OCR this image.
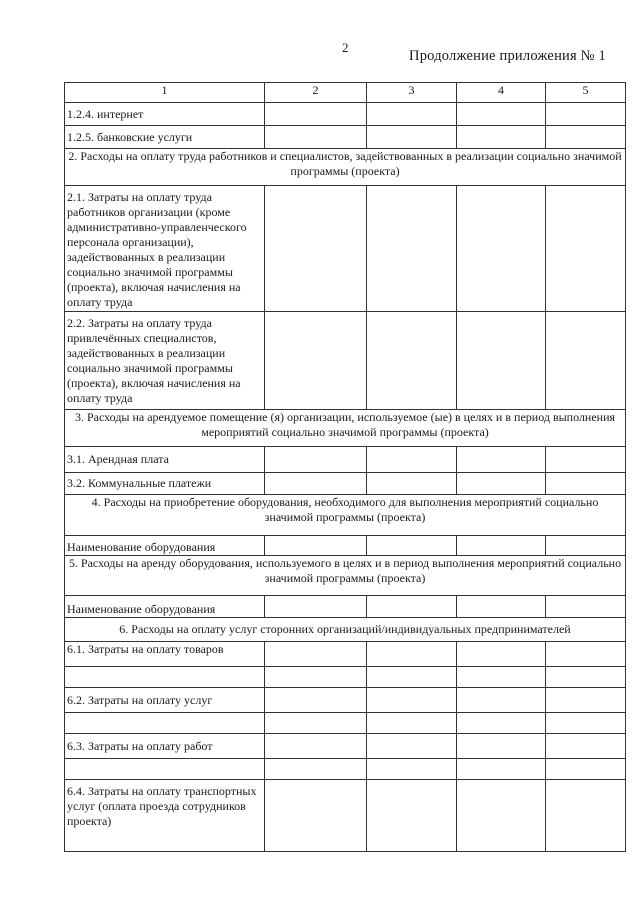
2
Продолжение приложения № 1
1	2	3	4	5
1.2.4. интернет				
1.2.5. банковские услуги				
2. Расходы на оплату труда работников и специалистов, задействованных в реализации социально значимой программы (проекта)				
2.1. Затраты на оплату труда работников организации (кроме административно-управленческого персонала организации), задействованных в реализации социально значимой программы (проекта), включая начисления на оплату труда				
2.2. Затраты на оплату труда привлечённых специалистов, задействованных в реализации социально значимой программы (проекта), включая начисления на оплату труда				
3. Расходы на арендуемое помещение (я) организации, используемое (ые) в целях и в период выполнения мероприятий социально значимой программы (проекта)				
3.1. Арендная плата				
3.2. Коммунальные платежи				
4. Расходы на приобретение оборудования, необходимого для выполнения мероприятий социально значимой программы (проекта)				
Наименование оборудования				
5. Расходы на аренду оборудования, используемого в целях и в период выполнения мероприятий социально значимой программы (проекта)				
Наименование оборудования				
6. Расходы на оплату услуг сторонних организаций/индивидуальных предпринимателей				
6.1. Затраты на оплату товаров				

6.2. Затраты на оплату услуг				

6.3. Затраты на оплату работ				

6.4. Затраты на оплату транспортных услуг (оплата проезда сотрудников проекта)				
